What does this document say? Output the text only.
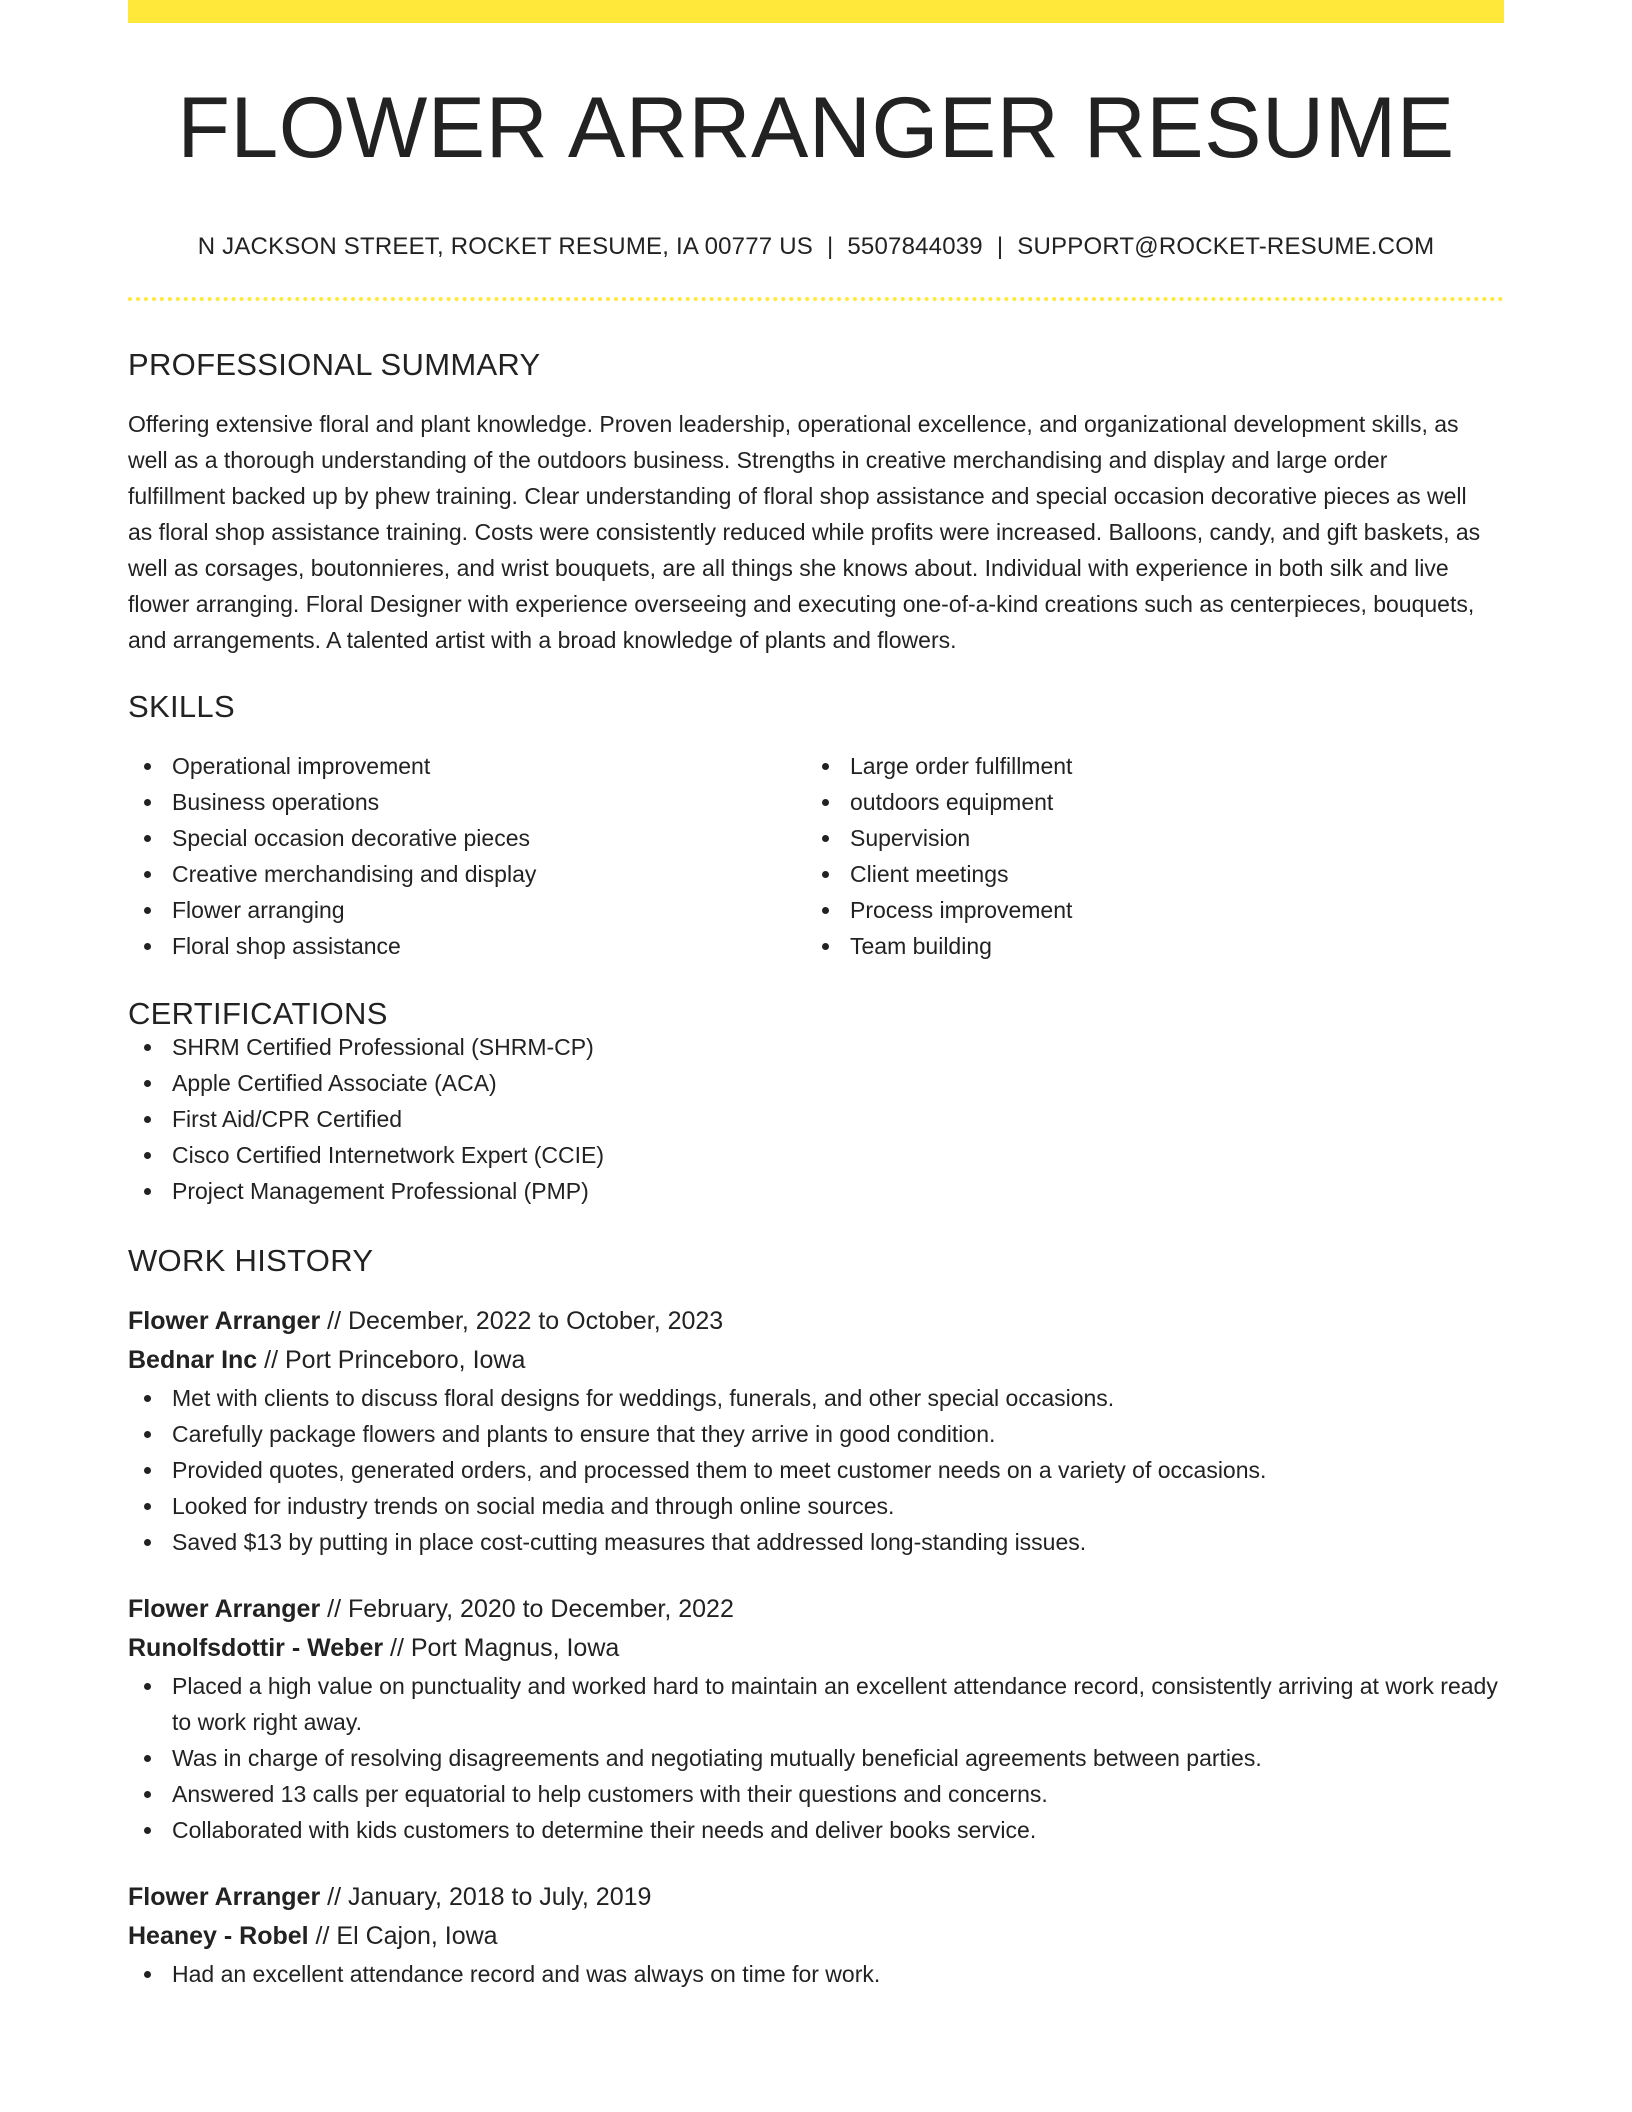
FLOWER ARRANGER RESUME
N JACKSON STREET, ROCKET RESUME, IA 00777 US | 5507844039 | SUPPORT@ROCKET-RESUME.COM
PROFESSIONAL SUMMARY

Offering extensive floral and plant knowledge. Proven leadership, operational excellence, and organizational development skills, as well as a thorough understanding of the outdoors business. Strengths in creative merchandising and display and large order fulfillment backed up by phew training. Clear understanding of floral shop assistance and special occasion decorative pieces as well as floral shop assistance training. Costs were consistently reduced while profits were increased. Balloons, candy, and gift baskets, as well as corsages, boutonnieres, and wrist bouquets, are all things she knows about. Individual with experience in both silk and live flower arranging. Floral Designer with experience overseeing and executing one-of-a-kind creations such as centerpieces, bouquets, and arrangements. A talented artist with a broad knowledge of plants and flowers.

SKILLS
Operational improvement
Business operations
Special occasion decorative pieces
Creative merchandising and display
Flower arranging
Floral shop assistance
Large order fulfillment
outdoors equipment
Supervision
Client meetings
Process improvement
Team building
CERTIFICATIONS
SHRM Certified Professional (SHRM-CP)
Apple Certified Associate (ACA)
First Aid/CPR Certified
Cisco Certified Internetwork Expert (CCIE)
Project Management Professional (PMP)
WORK HISTORY
Flower Arranger // December, 2022 to October, 2023
Bednar Inc // Port Princeboro, Iowa
Met with clients to discuss floral designs for weddings, funerals, and other special occasions.
Carefully package flowers and plants to ensure that they arrive in good condition.
Provided quotes, generated orders, and processed them to meet customer needs on a variety of occasions.
Looked for industry trends on social media and through online sources.
Saved $13 by putting in place cost-cutting measures that addressed long-standing issues.
Flower Arranger // February, 2020 to December, 2022
Runolfsdottir - Weber // Port Magnus, Iowa
Placed a high value on punctuality and worked hard to maintain an excellent attendance record, consistently arriving at work ready to work right away.
Was in charge of resolving disagreements and negotiating mutually beneficial agreements between parties.
Answered 13 calls per equatorial to help customers with their questions and concerns.
Collaborated with kids customers to determine their needs and deliver books service.
Flower Arranger // January, 2018 to July, 2019
Heaney - Robel // El Cajon, Iowa
Had an excellent attendance record and was always on time for work.
